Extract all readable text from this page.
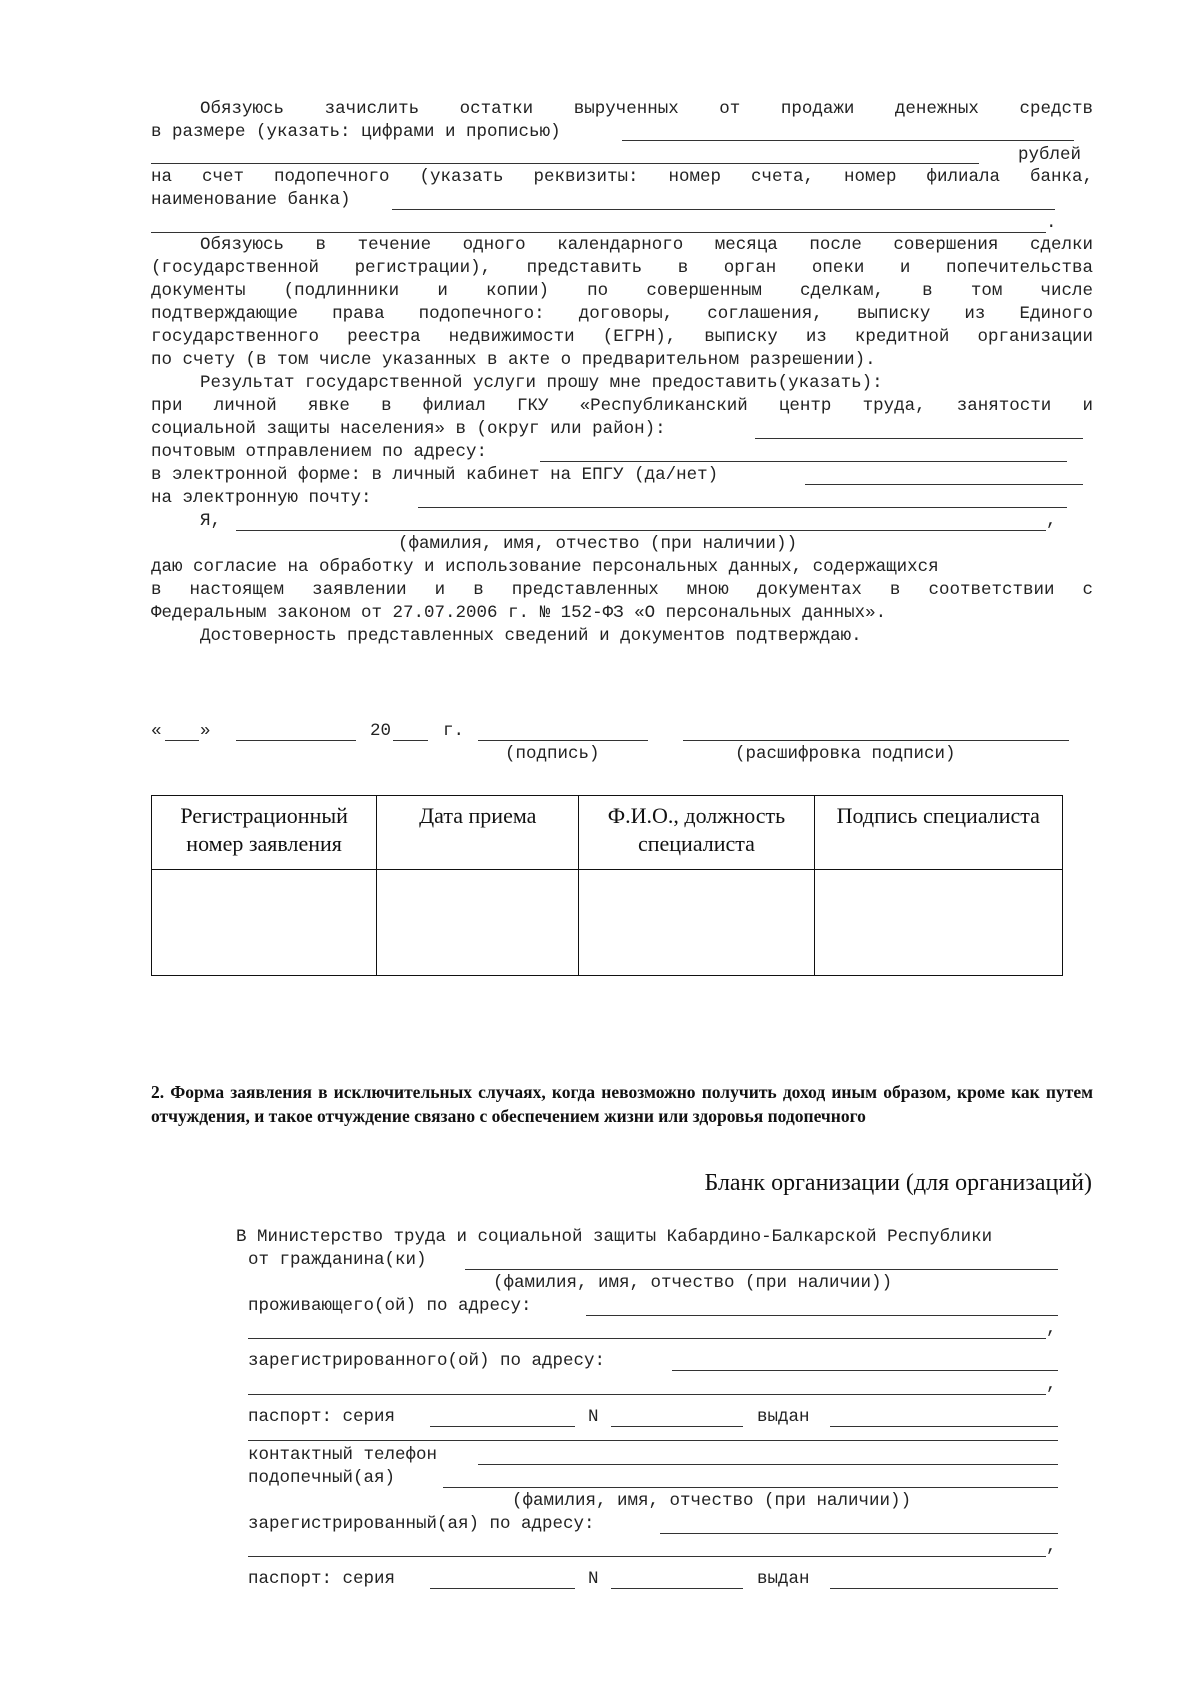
Обязуюсь зачислить остатки вырученных от продажи денежных средств
в размере (указать: цифрами и прописью)
рублей
на счет подопечного (указать реквизиты: номер счета, номер филиала банка,
наименование банка)
.
Обязуюсь в течение одного календарного месяца после совершения сделки
(государственной регистрации), представить в орган опеки и попечительства
документы (подлинники и копии) по совершенным сделкам, в том числе
подтверждающие права подопечного: договоры, соглашения, выписку из Единого
государственного реестра недвижимости (ЕГРН), выписку из кредитной организации
по счету (в том числе указанных в акте о предварительном разрешении).
Результат государственной услуги прошу мне предоставить(указать):
при личной явке в филиал ГКУ «Республиканский центр труда, занятости и
социальной защиты населения» в (округ или район):
почтовым отправлением по адресу:
в электронной форме: в личный кабинет на ЕПГУ (да/нет)
на электронную почту:
Я,	,
(фамилия, имя, отчество (при наличии))
даю согласие на обработку и использование персональных данных, содержащихся
в настоящем заявлении и в представленных мною документах в соответствии с
Федеральным законом от 27.07.2006 г. № 152-ФЗ «О персональных данных».
Достоверность представленных сведений и документов подтверждаю.
« »	20	г.
(подпись)	(расшифровка подписи)
Регистрационный номер заявления	Дата приема	Ф.И.О., должность специалиста	Подпись специалиста

2. Форма заявления в исключительных случаях, когда невозможно получить доход иным образом, кроме как путем отчуждения, и такое отчуждение связано с обеспечением жизни или здоровья подопечного
Бланк организации (для организаций)
В Министерство труда и социальной защиты Кабардино-Балкарской Республики
от гражданина(ки)
(фамилия, имя, отчество (при наличии))
проживающего(ой) по адресу:
,
зарегистрированного(ой) по адресу:
,
паспорт: серия	N	выдан
контактный телефон
подопечный(ая)
(фамилия, имя, отчество (при наличии))
зарегистрированный(ая) по адресу:
,
паспорт: серия	N	выдан
